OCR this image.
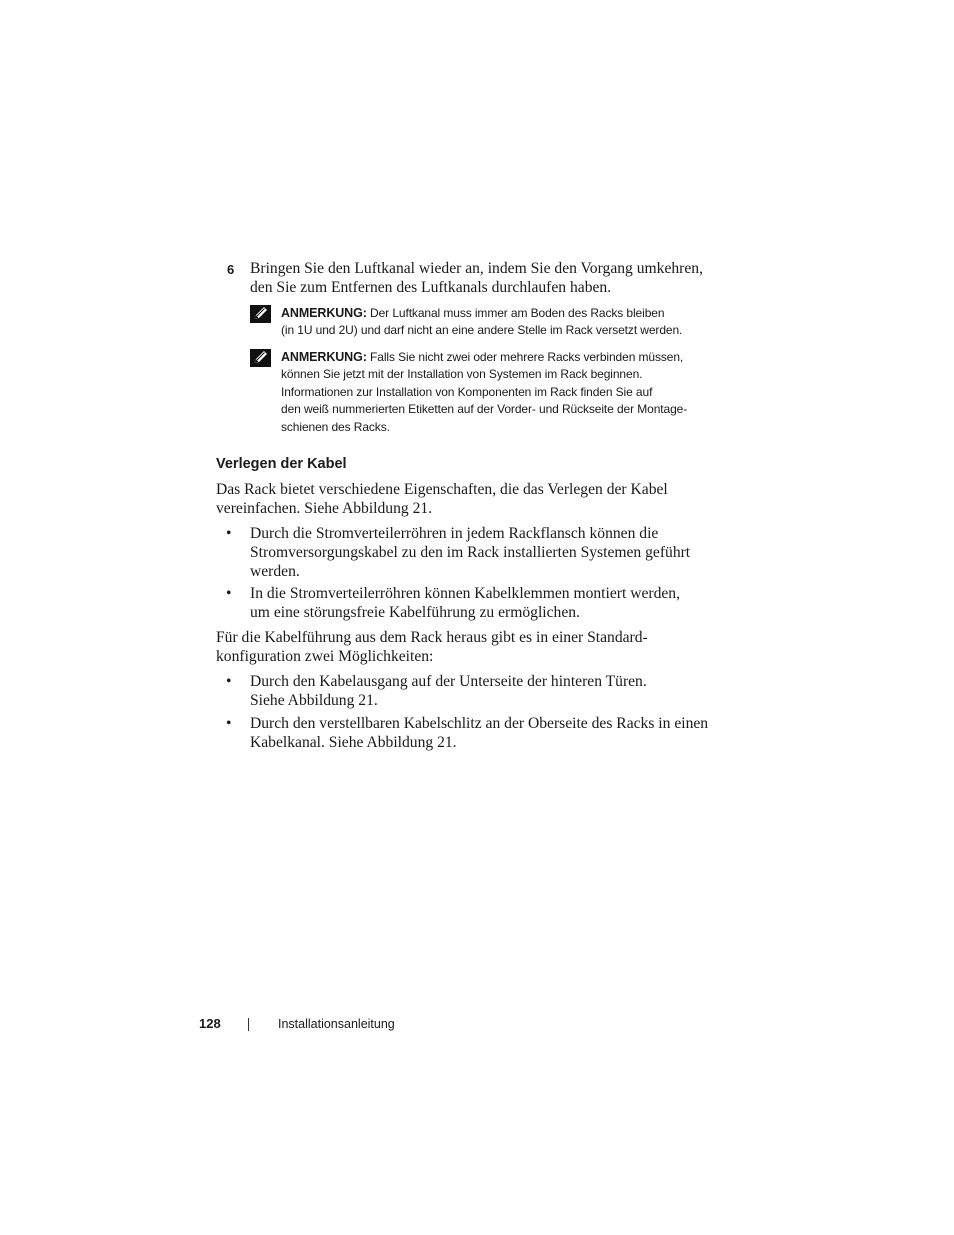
6 Bringen Sie den Luftkanal wieder an, indem Sie den Vorgang umkehren,
den Sie zum Entfernen des Luftkanals durchlaufen haben.
ANMERKUNG: Der Luftkanal muss immer am Boden des Racks bleiben
(in 1U und 2U) und darf nicht an eine andere Stelle im Rack versetzt werden.
ANMERKUNG: Falls Sie nicht zwei oder mehrere Racks verbinden müssen,
können Sie jetzt mit der Installation von Systemen im Rack beginnen.
Informationen zur Installation von Komponenten im Rack finden Sie auf
den weiß nummerierten Etiketten auf der Vorder- und Rückseite der Montage-
schienen des Racks.
Verlegen der Kabel
Das Rack bietet verschiedene Eigenschaften, die das Verlegen der Kabel
vereinfachen. Siehe Abbildung 21.
• Durch die Stromverteilerröhren in jedem Rackflansch können die
Stromversorgungskabel zu den im Rack installierten Systemen geführt
werden.
• In die Stromverteilerröhren können Kabelklemmen montiert werden,
um eine störungsfreie Kabelführung zu ermöglichen.
Für die Kabelführung aus dem Rack heraus gibt es in einer Standard-
konfiguration zwei Möglichkeiten:
• Durch den Kabelausgang auf der Unterseite der hinteren Türen.
Siehe Abbildung 21.
• Durch den verstellbaren Kabelschlitz an der Oberseite des Racks in einen
Kabelkanal. Siehe Abbildung 21.
128	Installationsanleitung
